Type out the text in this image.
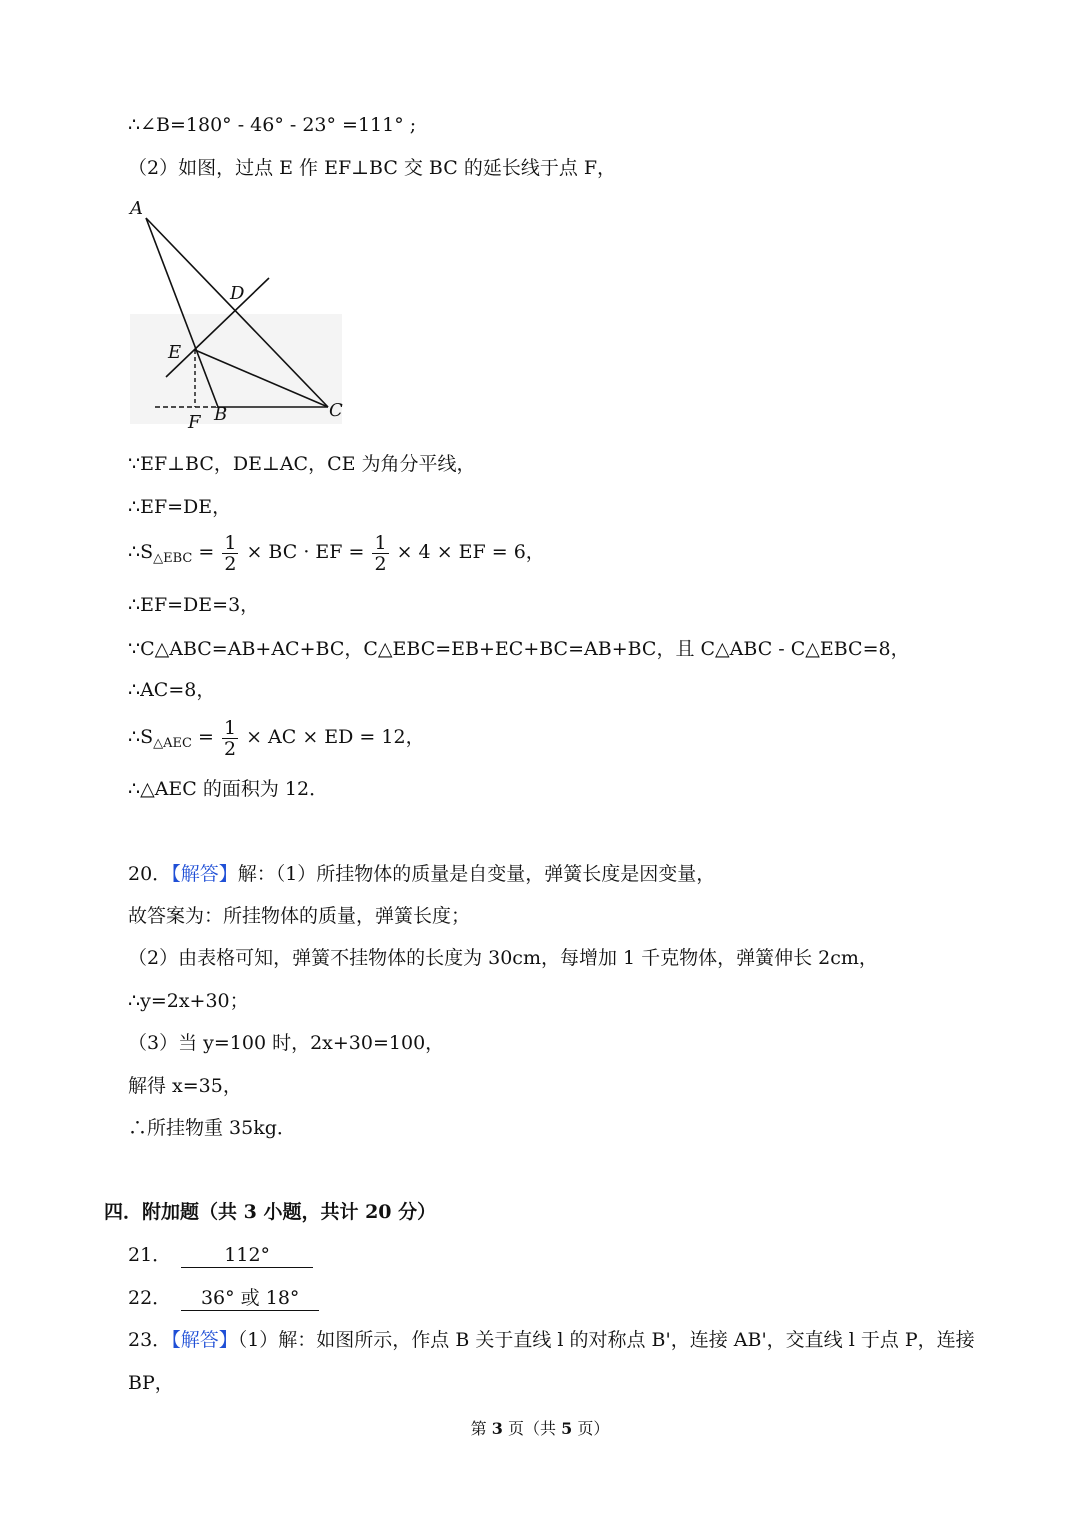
∴∠B=180° - 46° - 23° =111° ;
（2）如图，过点 E 作 EF⊥BC 交 BC 的延长线于点 F，
A
D
E
B	C
F
∵EF⊥BC，DE⊥AC，CE 为角分平线，
∴EF=DE，
$\therefore S_{\triangle EBC} = \frac{1}{2}$ × BC · EF = $\frac{1}{2} \times 4$ × EF = 6，
∴EF=DE=3，
∵C△ABC=AB+AC+BC，C△EBC=EB+EC+BC=AB+BC，且 C△ABC - C△EBC=8，
∴AC=8，
$\therefore S_{\triangle AEC} = \frac{1}{2}$ × AC × ED = 12，
∴△AEC 的面积为 12．
20．【解答】解：（1）所挂物体的质量是自变量，弹簧长度是因变量，
故答案为：所挂物体的质量，弹簧长度；
（2）由表格可知，弹簧不挂物体的长度为 30cm，每增加 1 千克物体，弹簧伸长 2cm，
∴y=2x+30；
（3）当 y=100 时，2x+30=100，
解得 x=35，
∴所挂物重 35kg．
四．附加题（共 3 小题，共计 20 分）
21．	112°
22． 36° 或 18°
23．【解答】（1）解：如图所示，作点 B 关于直线 l 的对称点 B'，连接 AB'，交直线 l 于点 P，连接
BP，
第 3 页（共 5 页）
